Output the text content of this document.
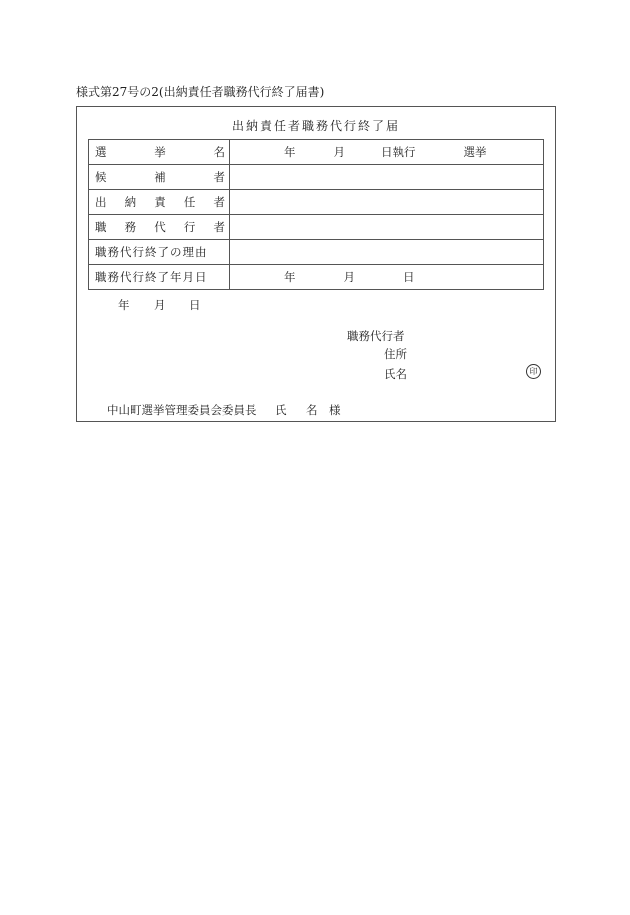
様式第27号の2(出納責任者職務代行終了届書)
出納責任者職務代行終了届
選 挙 名	年 月 日執行 選挙

候 補 者	

出 納 責 任 者	

職 務 代 行 者	

職務代行終了の理由	
職務代行終了年月日	年 月 日
年 月 日
職務代行者
住所
氏名	印
中山町選挙管理委員会委員長 氏 名 様
